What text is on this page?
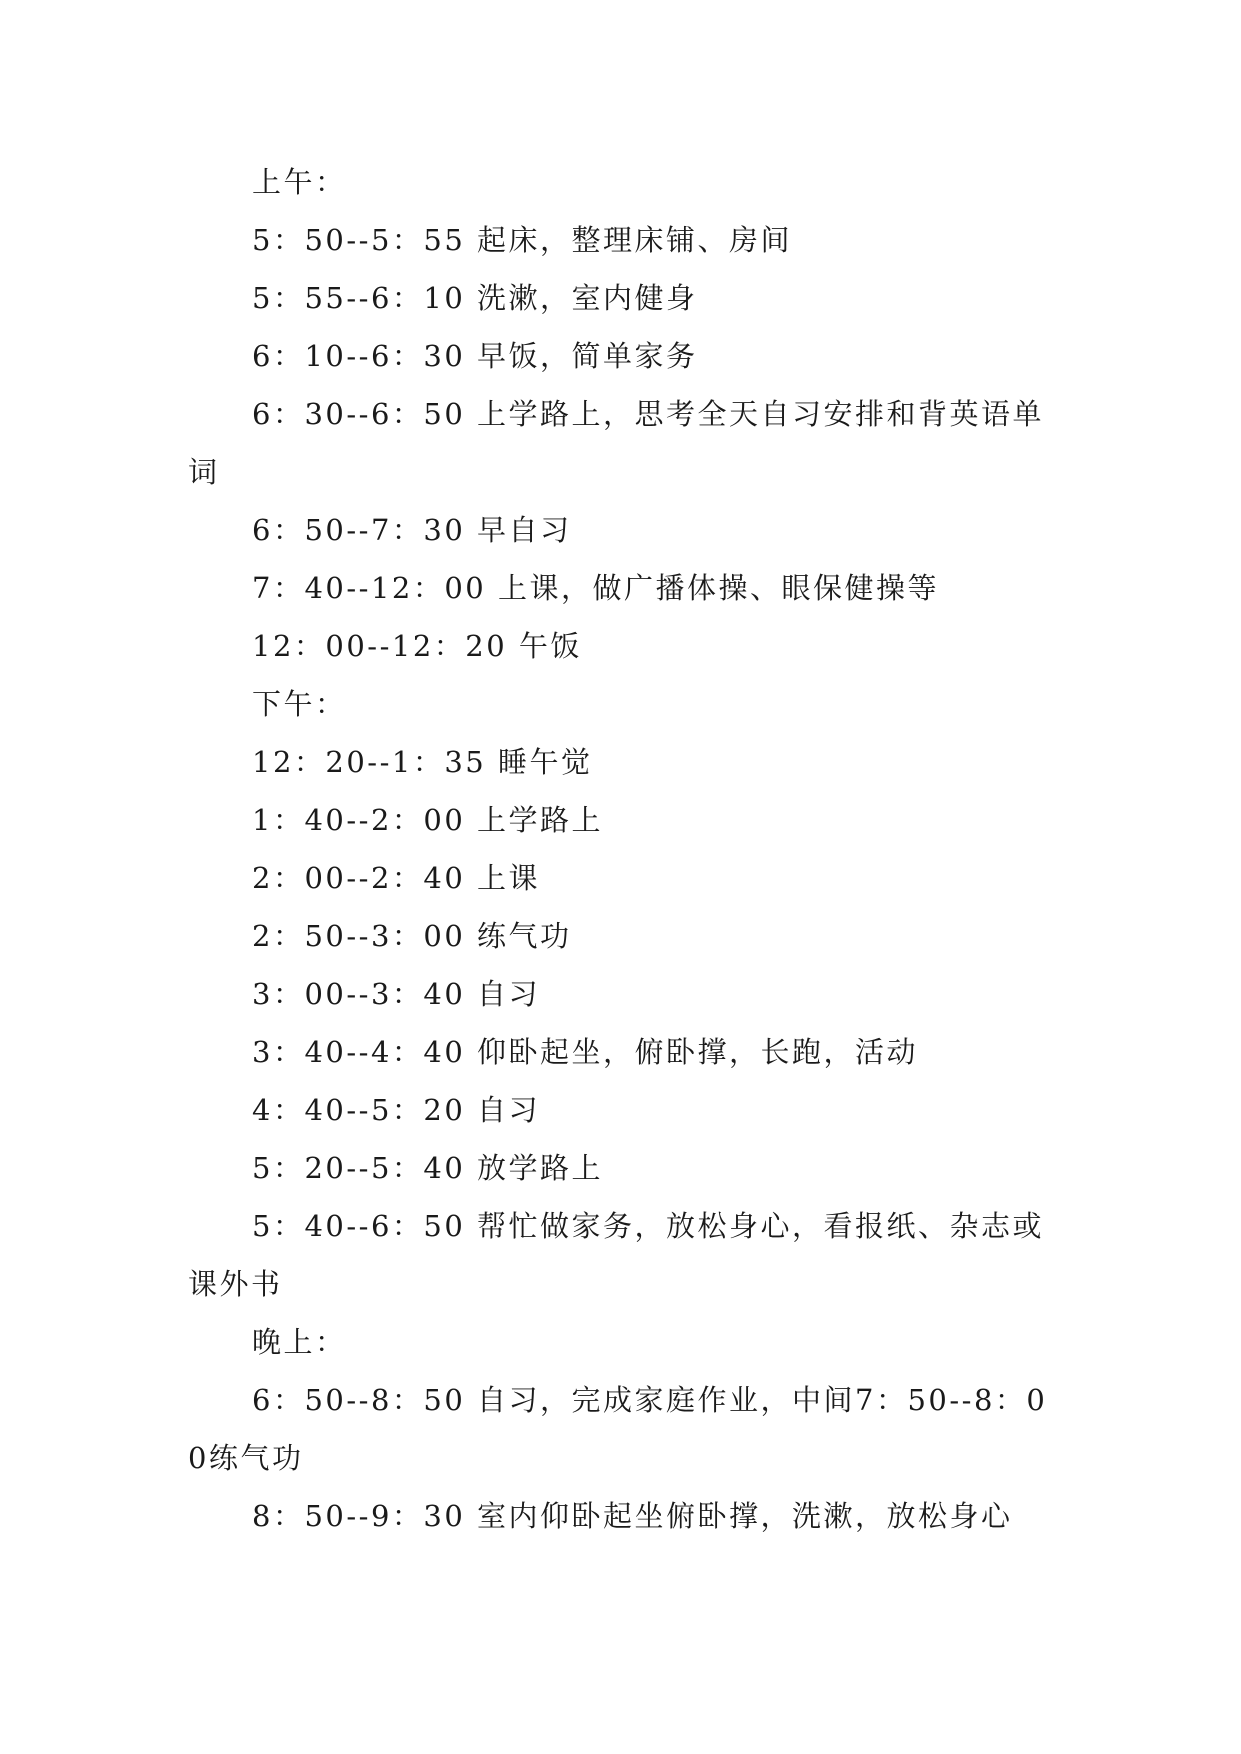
上午：

5：50--5：55 起床，整理床铺、房间

5：55--6：10 洗漱，室内健身

6：10--6：30 早饭，简单家务

6：30--6：50 上学路上，思考全天自习安排和背英语单词

6：50--7：30 早自习

7：40--12：00 上课，做广播体操、眼保健操等

12：00--12：20 午饭

下午：

12：20--1：35 睡午觉

1：40--2：00 上学路上

2：00--2：40 上课

2：50--3：00 练气功

3：00--3：40 自习

3：40--4：40 仰卧起坐，俯卧撑，长跑，活动

4：40--5：20 自习

5：20--5：40 放学路上

5：40--6：50 帮忙做家务，放松身心，看报纸、杂志或课外书

晚上：

6：50--8：50 自习，完成家庭作业，中间7：50--8：00练气功

8：50--9：30 室内仰卧起坐俯卧撑，洗漱，放松身心
